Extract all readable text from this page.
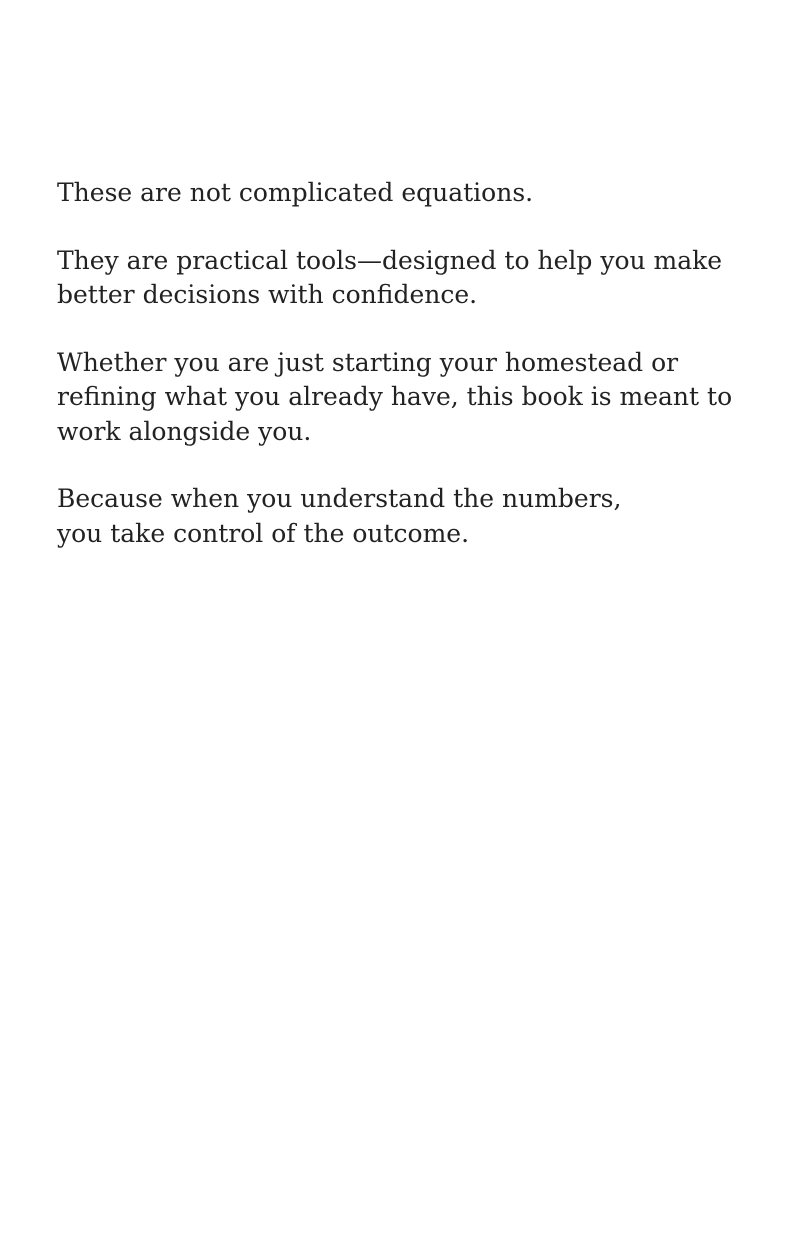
These are not complicated equations.

They are practical tools—designed to help you make
better decisions with confidence.

Whether you are just starting your homestead or
refining what you already have, this book is meant to
work alongside you.

Because when you understand the numbers,
you take control of the outcome.
